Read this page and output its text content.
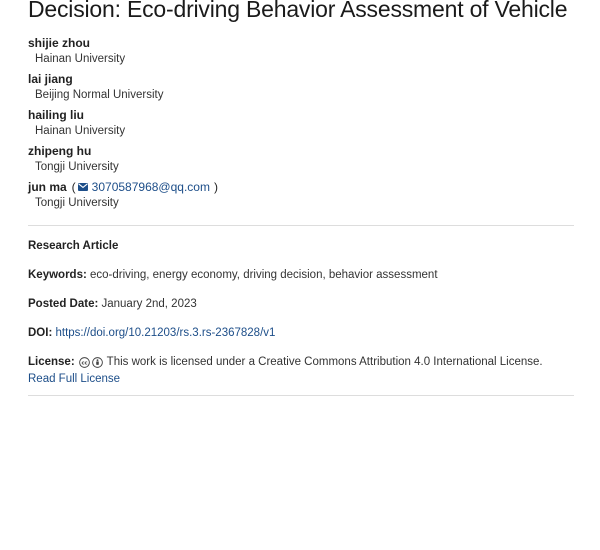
Decision: Eco-driving Behavior Assessment of Vehicle
shijie zhou
Hainan University
lai jiang
Beijing Normal University
hailing liu
Hainan University
zhipeng hu
Tongji University
jun ma ( 3070587968@qq.com )
Tongji University
Research Article
Keywords: eco-driving, energy economy, driving decision, behavior assessment
Posted Date: January 2nd, 2023
DOI: https://doi.org/10.21203/rs.3.rs-2367828/v1
License: cc This work is licensed under a Creative Commons Attribution 4.0 International License.
Read Full License
